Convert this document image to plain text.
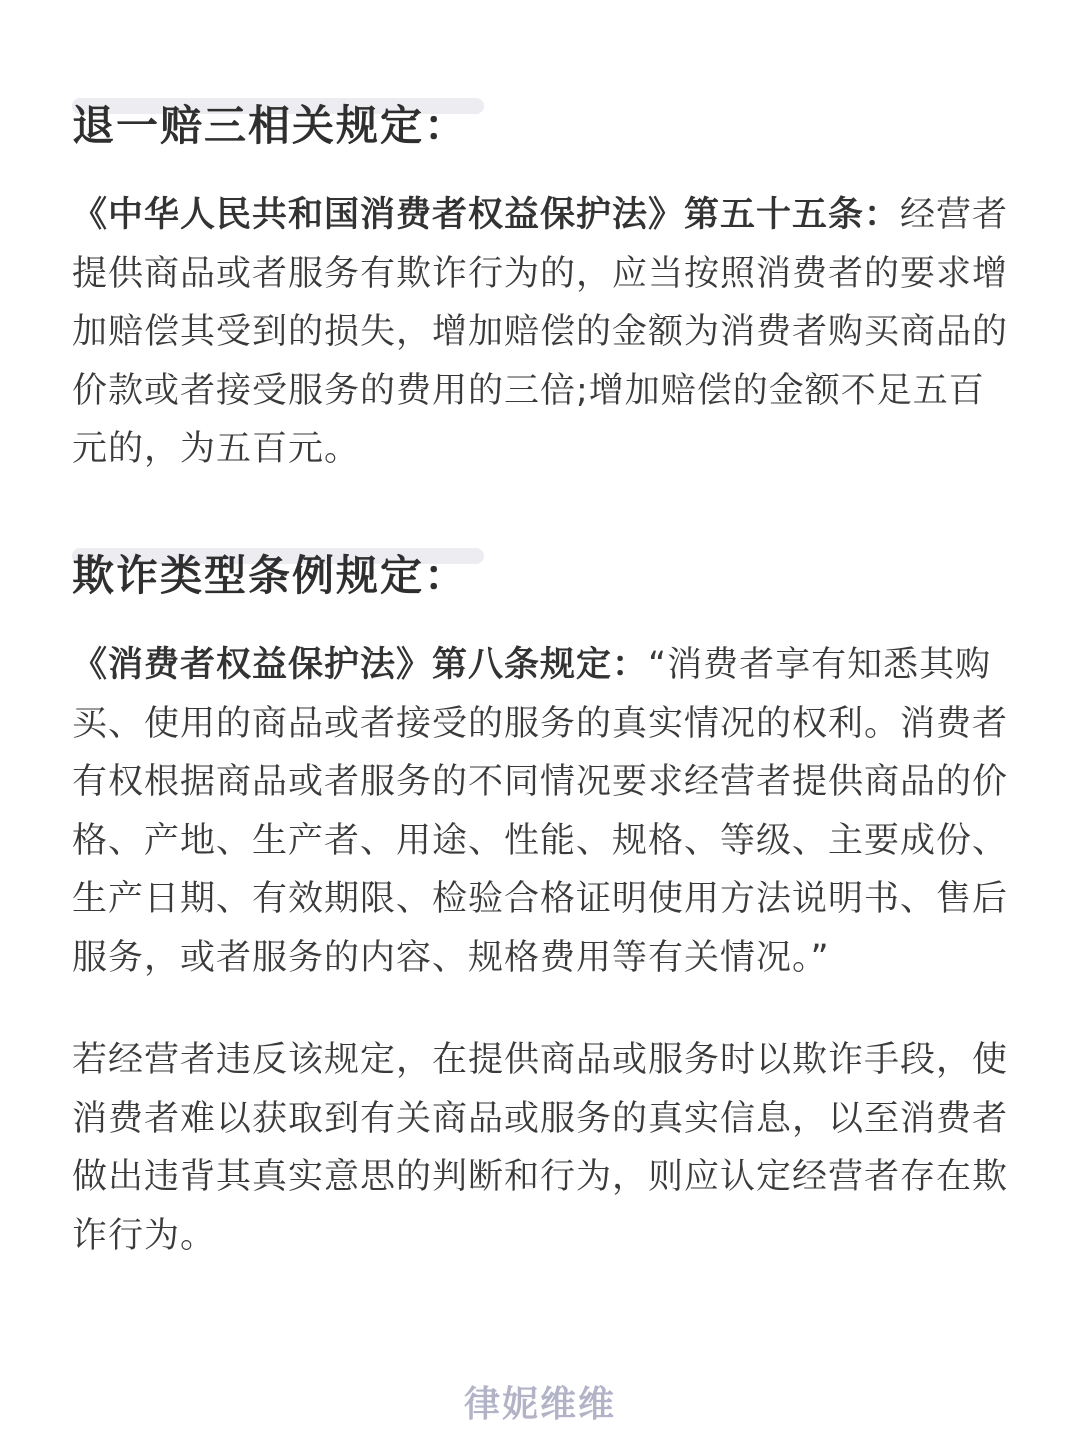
退一赔三相关规定：

《中华人民共和国消费者权益保护法》第五十五条：经营者提供商品或者服务有欺诈行为的，应当按照消费者的要求增加赔偿其受到的损失，增加赔偿的金额为消费者购买商品的价款或者接受服务的费用的三倍;增加赔偿的金额不足五百元的，为五百元。

欺诈类型条例规定：

《消费者权益保护法》第八条规定：“消费者享有知悉其购买、使用的商品或者接受的服务的真实情况的权利。消费者有权根据商品或者服务的不同情况要求经营者提供商品的价格、产地、生产者、用途、性能、规格、等级、主要成份、生产日期、有效期限、检验合格证明使用方法说明书、售后服务，或者服务的内容、规格费用等有关情况。”

若经营者违反该规定，在提供商品或服务时以欺诈手段，使消费者难以获取到有关商品或服务的真实信息，以至消费者做出违背其真实意思的判断和行为，则应认定经营者存在欺诈行为。

律妮维维
